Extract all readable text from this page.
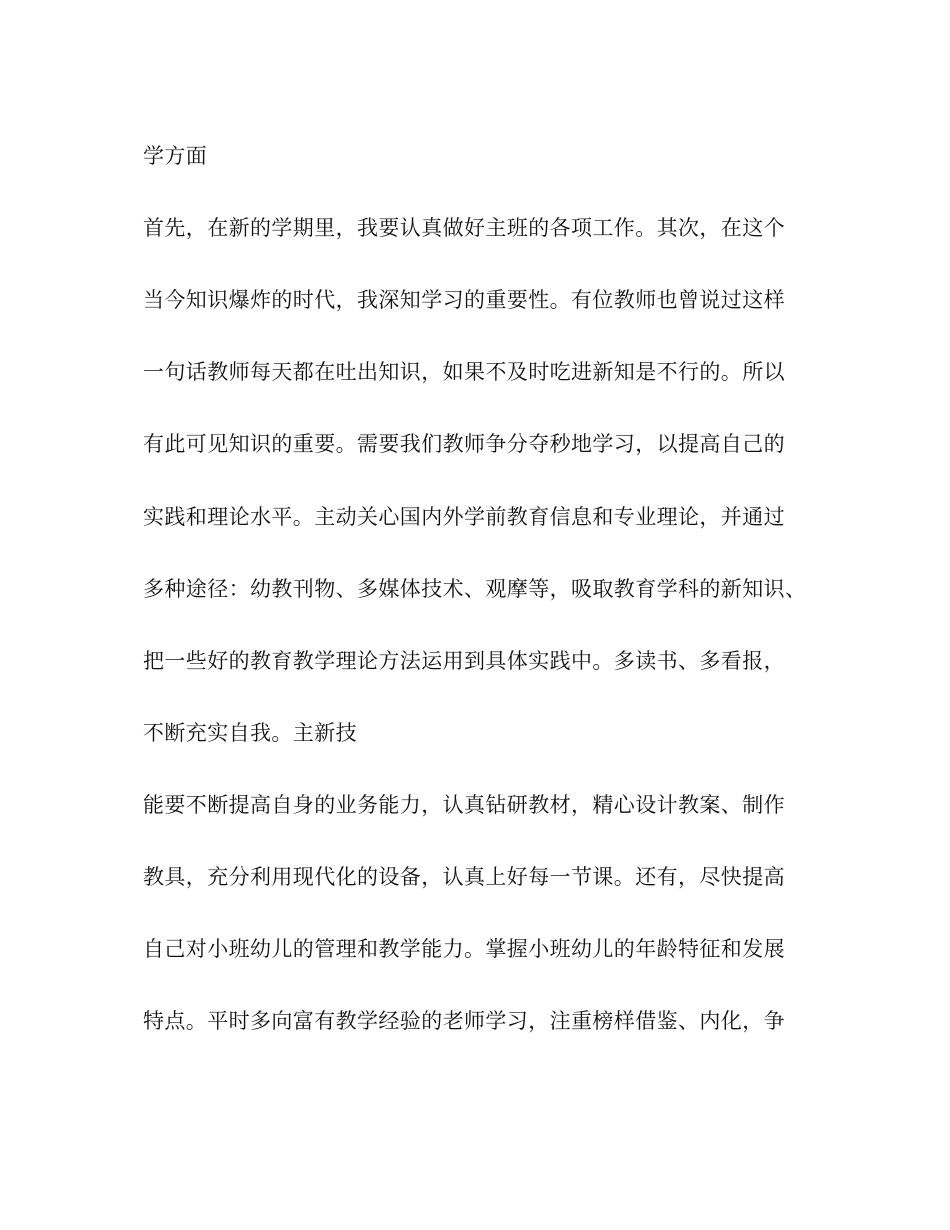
学方面
首先，在新的学期里，我要认真做好主班的各项工作。其次，在这个
当今知识爆炸的时代，我深知学习的重要性。有位教师也曾说过这样
一句话教师每天都在吐出知识，如果不及时吃进新知是不行的。所以
有此可见知识的重要。需要我们教师争分夺秒地学习，以提高自己的
实践和理论水平。主动关心国内外学前教育信息和专业理论，并通过
多种途径：幼教刊物、多媒体技术、观摩等，吸取教育学科的新知识、
把一些好的教育教学理论方法运用到具体实践中。多读书、多看报，
不断充实自我。主新技
能要不断提高自身的业务能力，认真钻研教材，精心设计教案、制作
教具，充分利用现代化的设备，认真上好每一节课。还有，尽快提高
自己对小班幼儿的管理和教学能力。掌握小班幼儿的年龄特征和发展
特点。平时多向富有教学经验的老师学习，注重榜样借鉴、内化，争
